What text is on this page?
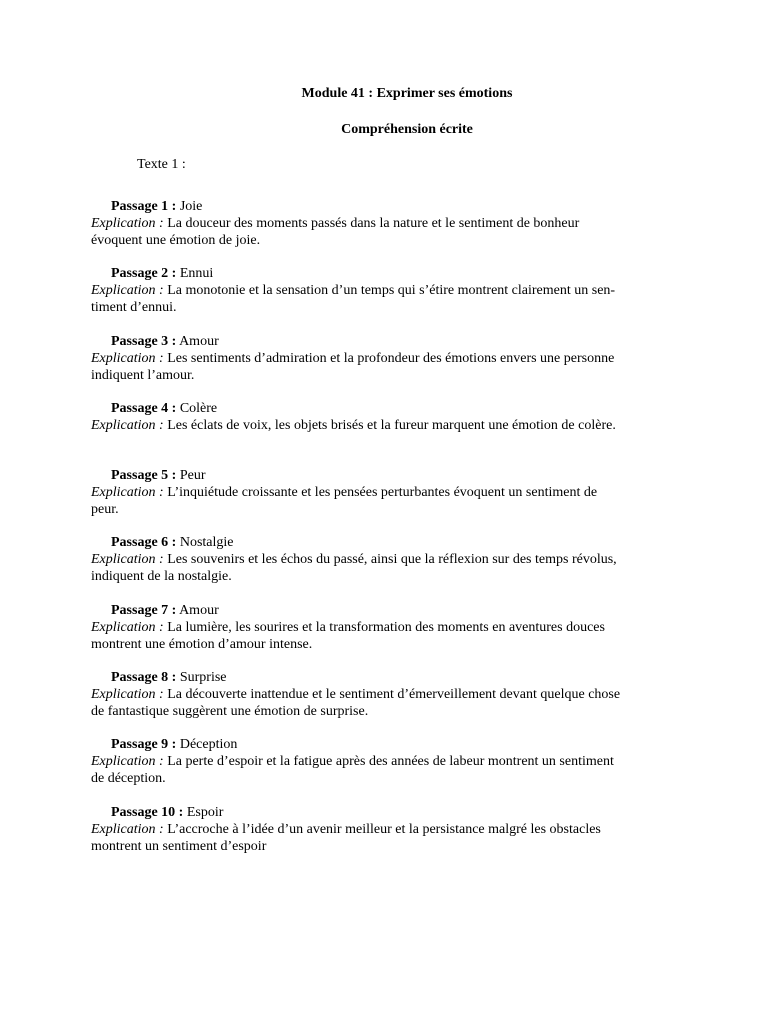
Module 41 : Exprimer ses émotions
Compréhension écrite
Texte 1 :
Passage 1 : Joie
Explication : La douceur des moments passés dans la nature et le sentiment de bonheur
évoquent une émotion de joie.
Passage 2 : Ennui
Explication : La monotonie et la sensation d’un temps qui s’étire montrent clairement un sen-
timent d’ennui.
Passage 3 : Amour
Explication : Les sentiments d’admiration et la profondeur des émotions envers une personne
indiquent l’amour.
Passage 4 : Colère
Explication : Les éclats de voix, les objets brisés et la fureur marquent une émotion de colère.
Passage 5 : Peur
Explication : L’inquiétude croissante et les pensées perturbantes évoquent un sentiment de
peur.
Passage 6 : Nostalgie
Explication : Les souvenirs et les échos du passé, ainsi que la réflexion sur des temps révolus,
indiquent de la nostalgie.
Passage 7 : Amour
Explication : La lumière, les sourires et la transformation des moments en aventures douces
montrent une émotion d’amour intense.
Passage 8 : Surprise
Explication : La découverte inattendue et le sentiment d’émerveillement devant quelque chose
de fantastique suggèrent une émotion de surprise.
Passage 9 : Déception
Explication : La perte d’espoir et la fatigue après des années de labeur montrent un sentiment
de déception.
Passage 10 : Espoir
Explication : L’accroche à l’idée d’un avenir meilleur et la persistance malgré les obstacles
montrent un sentiment d’espoir
